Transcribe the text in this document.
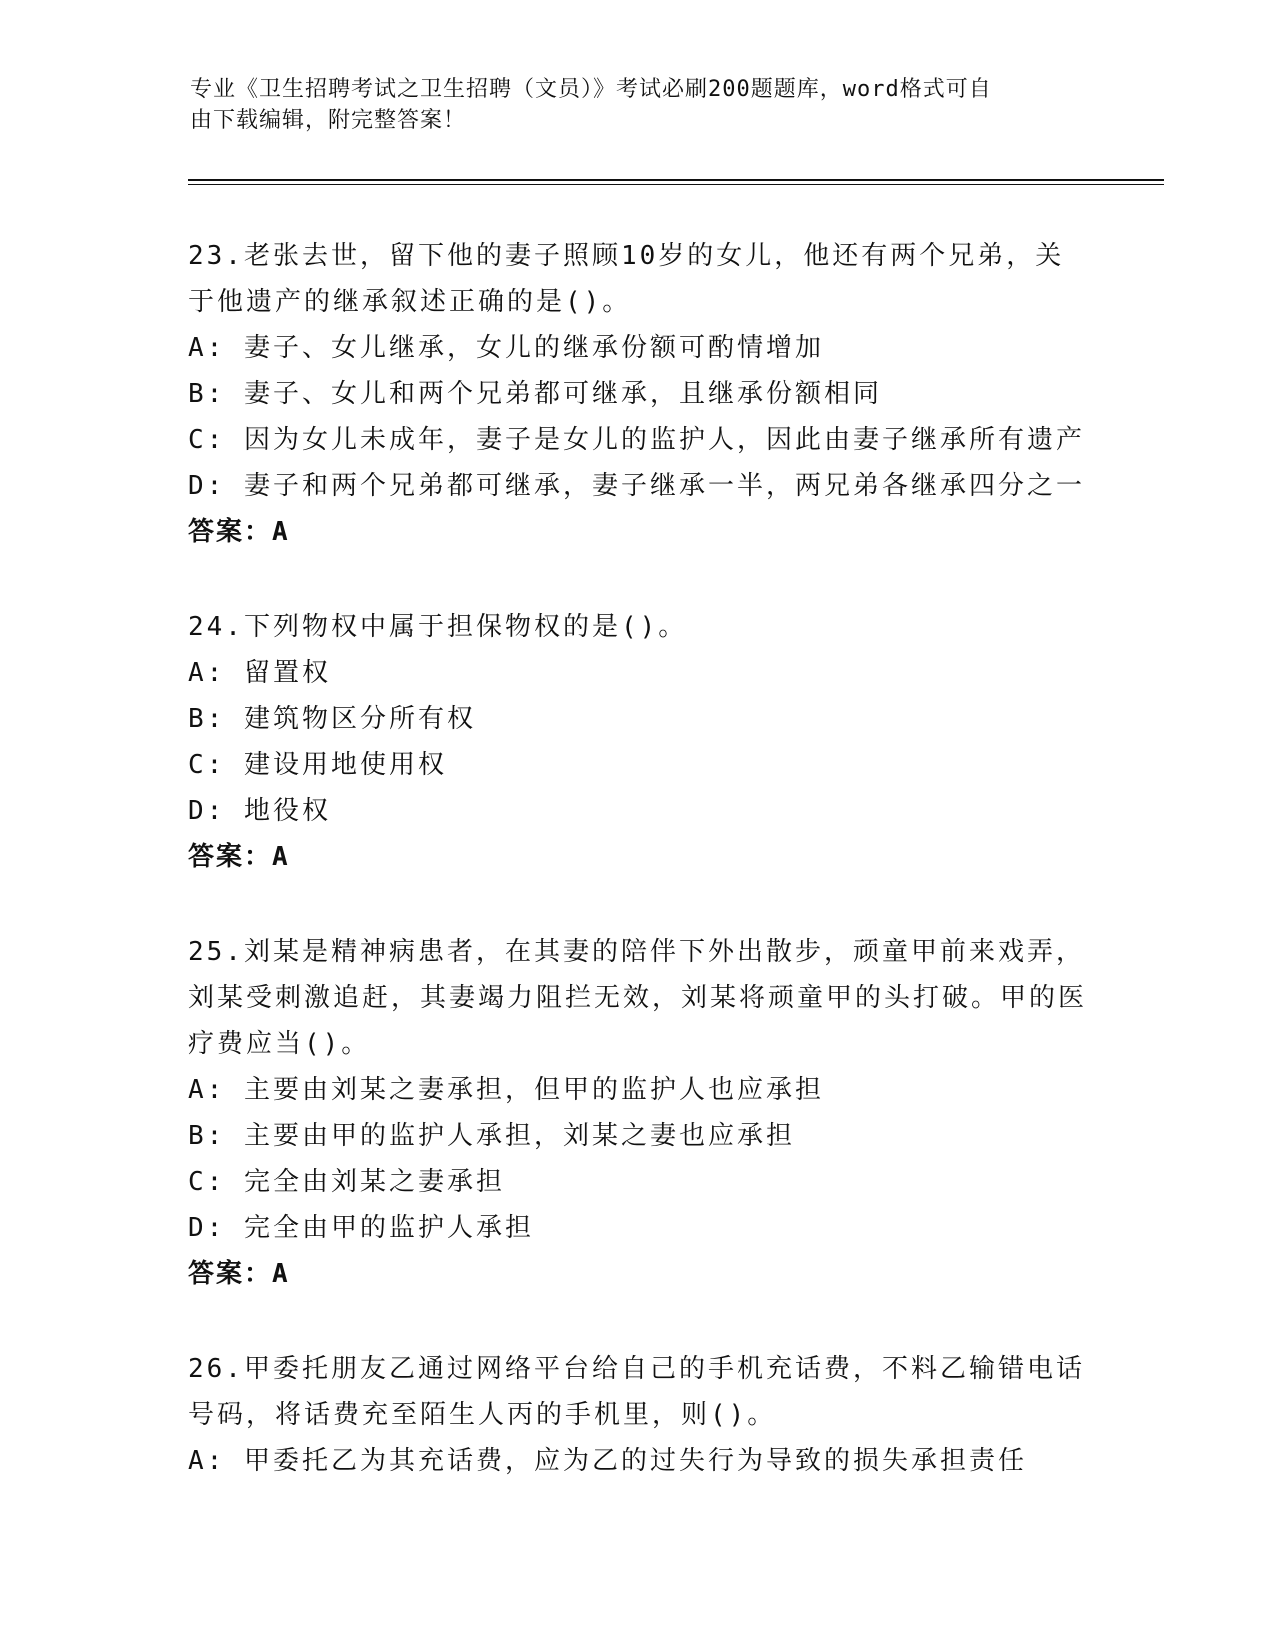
专业《卫生招聘考试之卫生招聘（文员）》考试必刷200题题库，word格式可自
由下载编辑，附完整答案！
23.老张去世，留下他的妻子照顾10岁的女儿，他还有两个兄弟，关于他遗产的继承叙述正确的是()。
A: 妻子、女儿继承，女儿的继承份额可酌情增加
B: 妻子、女儿和两个兄弟都可继承，且继承份额相同
C: 因为女儿未成年，妻子是女儿的监护人，因此由妻子继承所有遗产
D: 妻子和两个兄弟都可继承，妻子继承一半，两兄弟各继承四分之一
答案：A
24.下列物权中属于担保物权的是()。
A: 留置权
B: 建筑物区分所有权
C: 建设用地使用权
D: 地役权
答案：A
25.刘某是精神病患者，在其妻的陪伴下外出散步，顽童甲前来戏弄，刘某受刺激追赶，其妻竭力阻拦无效，刘某将顽童甲的头打破。甲的医疗费应当()。
A: 主要由刘某之妻承担，但甲的监护人也应承担
B: 主要由甲的监护人承担，刘某之妻也应承担
C: 完全由刘某之妻承担
D: 完全由甲的监护人承担
答案：A
26.甲委托朋友乙通过网络平台给自己的手机充话费，不料乙输错电话号码，将话费充至陌生人丙的手机里，则()。
A: 甲委托乙为其充话费，应为乙的过失行为导致的损失承担责任
